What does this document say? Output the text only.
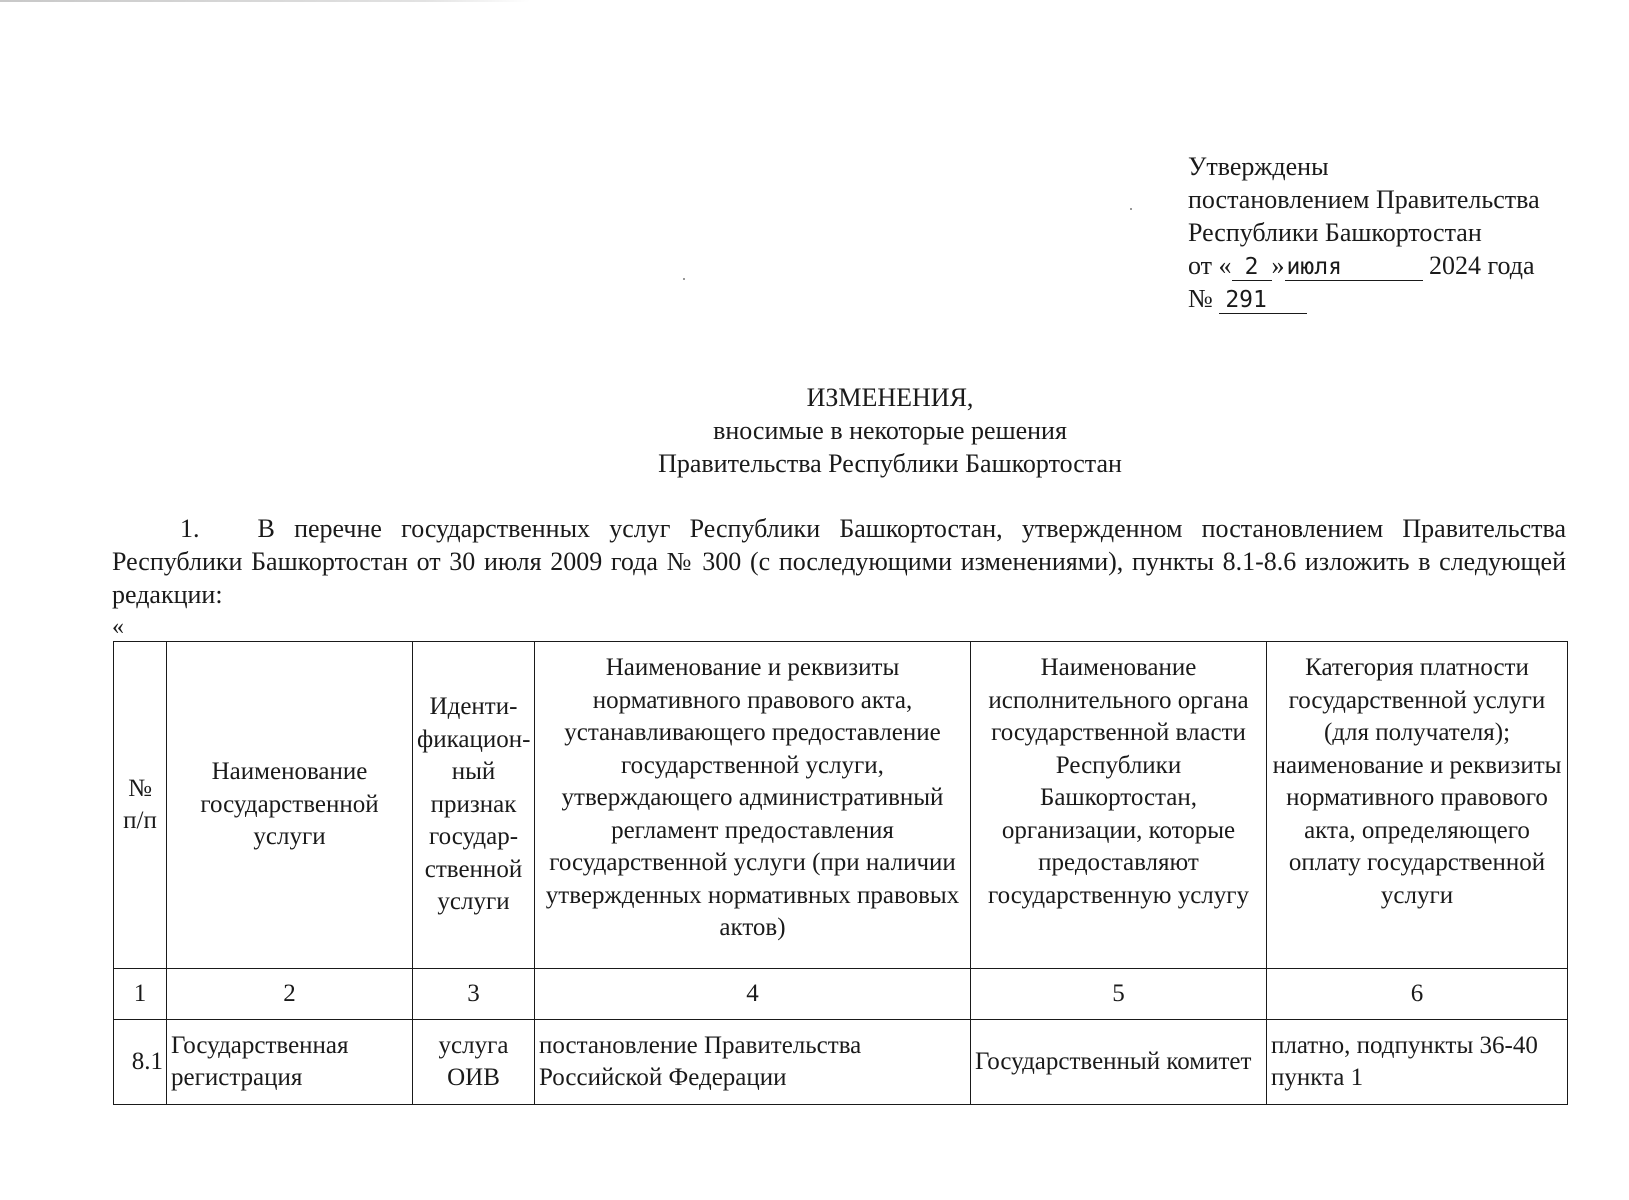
Утверждены
постановлением Правительства
Республики Башкортостан
от « 2 »июля	2024 года
№ 291
ИЗМЕНЕНИЯ,
вносимые в некоторые решения
Правительства Республики Башкортостан
1. В перечне государственных услуг Республики Башкортостан, утвержденном постановлением Правительства Республики Башкортостан от 30 июля 2009 года № 300 (с последующими изменениями), пункты 8.1-8.6 изложить в следующей редакции:
«
№ п/п	Наименование государственной услуги	Иденти-фикацион-ный признак государ-ственной услуги	Наименование и реквизиты нормативного правового акта, устанавливающего предоставление государственной услуги, утверждающего административный регламент предоставления государственной услуги (при наличии утвержденных нормативных правовых актов)	Наименование исполнительного органа государственной власти Республики Башкортостан, организации, которые предоставляют государственную услугу	Категория платности государственной услуги (для получателя); наименование и реквизиты нормативного правового акта, определяющего оплату государственной услуги
1	2	3	4	5	6
8.1	Государственная регистрация	услуга ОИВ	постановление Правительства Российской Федерации	Государственный комитет	платно, подпункты 36-40 пункта 1
